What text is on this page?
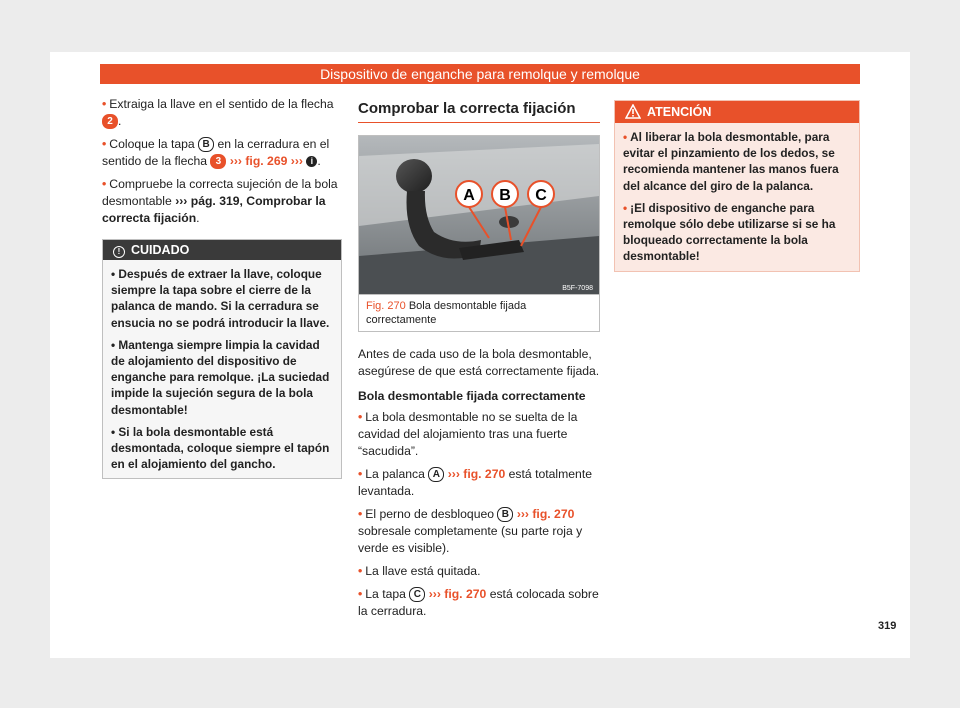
Dispositivo de enganche para remolque y remolque

• Extraiga la llave en el sentido de la flecha 2 .

• Coloque la tapa B en la cerradura en el sentido de la flecha 3 ››› fig. 269 ››› i .

• Compruebe la correcta sujeción de la bola desmontable ››› pág. 319, Comprobar la correcta fijación.

! CUIDADO

• Después de extraer la llave, coloque siempre la tapa sobre el cierre de la palanca de mando. Si la cerradura se ensucia no se podrá introducir la llave.

• Mantenga siempre limpia la cavidad de alojamiento del dispositivo de enganche para remolque. ¡La suciedad impide la sujeción segura de la bola desmontable!

• Si la bola desmontable está desmontada, coloque siempre el tapón en el alojamiento del gancho.

Comprobar la correcta fijación
A B C
B5F-7098
Fig. 270 Bola desmontable fijada correctamente

Antes de cada uso de la bola desmontable, asegúrese de que está correctamente fijada.

Bola desmontable fijada correctamente

• La bola desmontable no se suelta de la cavidad del alojamiento tras una fuerte “sacudida”.

• La palanca A ››› fig. 270 está totalmente levantada.

• El perno de desbloqueo B ››› fig. 270 sobresale completamente (su parte roja y verde es visible).

• La llave está quitada.

• La tapa C ››› fig. 270 está colocada sobre la cerradura.

ATENCIÓN

• Al liberar la bola desmontable, para evitar el pinzamiento de los dedos, se recomienda mantener las manos fuera del alcance del giro de la palanca.

• ¡El dispositivo de enganche para remolque sólo debe utilizarse si se ha bloqueado correctamente la bola desmontable!

319
